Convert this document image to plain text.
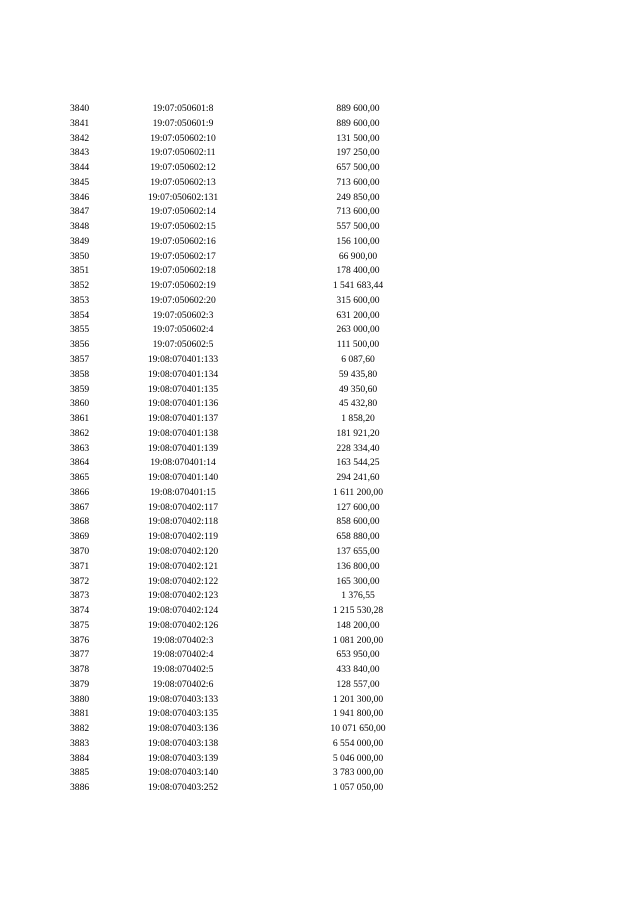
3840	19:07:050601:8	889 600,00
3841	19:07:050601:9	889 600,00
3842	19:07:050602:10	131 500,00
3843	19:07:050602:11	197 250,00
3844	19:07:050602:12	657 500,00
3845	19:07:050602:13	713 600,00
3846	19:07:050602:131	249 850,00
3847	19:07:050602:14	713 600,00
3848	19:07:050602:15	557 500,00
3849	19:07:050602:16	156 100,00
3850	19:07:050602:17	66 900,00
3851	19:07:050602:18	178 400,00
3852	19:07:050602:19	1 541 683,44
3853	19:07:050602:20	315 600,00
3854	19:07:050602:3	631 200,00
3855	19:07:050602:4	263 000,00
3856	19:07:050602:5	111 500,00
3857	19:08:070401:133	6 087,60
3858	19:08:070401:134	59 435,80
3859	19:08:070401:135	49 350,60
3860	19:08:070401:136	45 432,80
3861	19:08:070401:137	1 858,20
3862	19:08:070401:138	181 921,20
3863	19:08:070401:139	228 334,40
3864	19:08:070401:14	163 544,25
3865	19:08:070401:140	294 241,60
3866	19:08:070401:15	1 611 200,00
3867	19:08:070402:117	127 600,00
3868	19:08:070402:118	858 600,00
3869	19:08:070402:119	658 880,00
3870	19:08:070402:120	137 655,00
3871	19:08:070402:121	136 800,00
3872	19:08:070402:122	165 300,00
3873	19:08:070402:123	1 376,55
3874	19:08:070402:124	1 215 530,28
3875	19:08:070402:126	148 200,00
3876	19:08:070402:3	1 081 200,00
3877	19:08:070402:4	653 950,00
3878	19:08:070402:5	433 840,00
3879	19:08:070402:6	128 557,00
3880	19:08:070403:133	1 201 300,00
3881	19:08:070403:135	1 941 800,00
3882	19:08:070403:136	10 071 650,00
3883	19:08:070403:138	6 554 000,00
3884	19:08:070403:139	5 046 000,00
3885	19:08:070403:140	3 783 000,00
3886	19:08:070403:252	1 057 050,00
